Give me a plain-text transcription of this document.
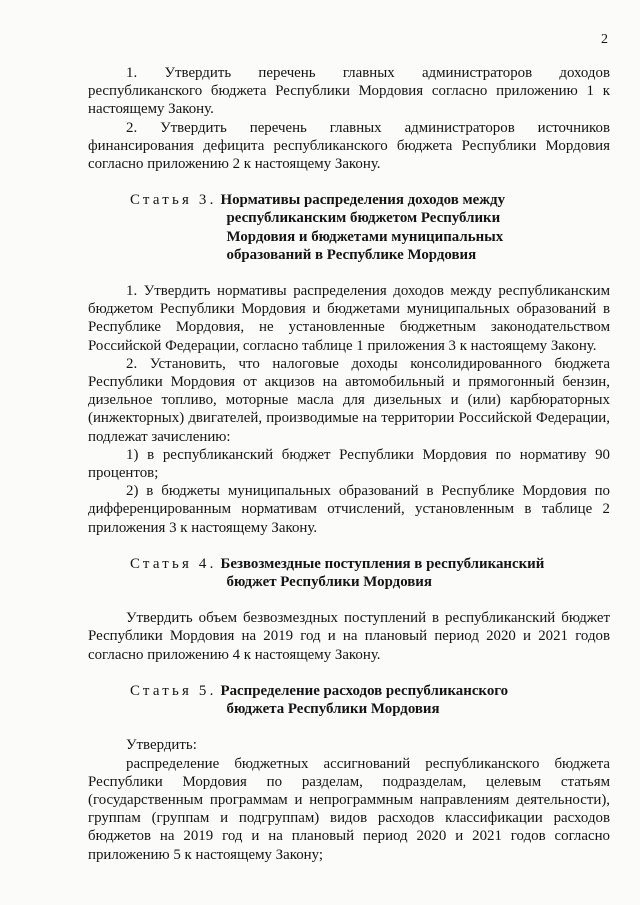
2

1. Утвердить перечень главных администраторов доходов республиканского бюджета Республики Мордовия согласно приложению 1 к настоящему Закону.

2. Утвердить перечень главных администраторов источников финансирования дефицита республиканского бюджета Республики Мордовия согласно приложению 2 к настоящему Закону.

Статья 3. Нормативы распределения доходов между
республиканским бюджетом Республики
Мордовия и бюджетами муниципальных
образований в Республике Мордовия

1. Утвердить нормативы распределения доходов между республиканским бюджетом Республики Мордовия и бюджетами муниципальных образований в Республике Мордовия, не установленные бюджетным законодательством Российской Федерации, согласно таблице 1 приложения 3 к настоящему Закону.

2. Установить, что налоговые доходы консолидированного бюджета Республики Мордовия от акцизов на автомобильный и прямогонный бензин, дизельное топливо, моторные масла для дизельных и (или) карбюраторных (инжекторных) двигателей, производимые на территории Российской Федерации, подлежат зачислению:

1) в республиканский бюджет Республики Мордовия по нормативу 90 процентов;

2) в бюджеты муниципальных образований в Республике Мордовия по дифференцированным нормативам отчислений, установленным в таблице 2 приложения 3 к настоящему Закону.

Статья 4. Безвозмездные поступления в республиканский
бюджет Республики Мордовия

Утвердить объем безвозмездных поступлений в республиканский бюджет Республики Мордовия на 2019 год и на плановый период 2020 и 2021 годов согласно приложению 4 к настоящему Закону.

Статья 5. Распределение расходов республиканского
бюджета Республики Мордовия

Утвердить:

распределение бюджетных ассигнований республиканского бюджета Республики Мордовия по разделам, подразделам, целевым статьям (государственным программам и непрограммным направлениям деятельности), группам (группам и подгруппам) видов расходов классификации расходов бюджетов на 2019 год и на плановый период 2020 и 2021 годов согласно приложению 5 к настоящему Закону;
